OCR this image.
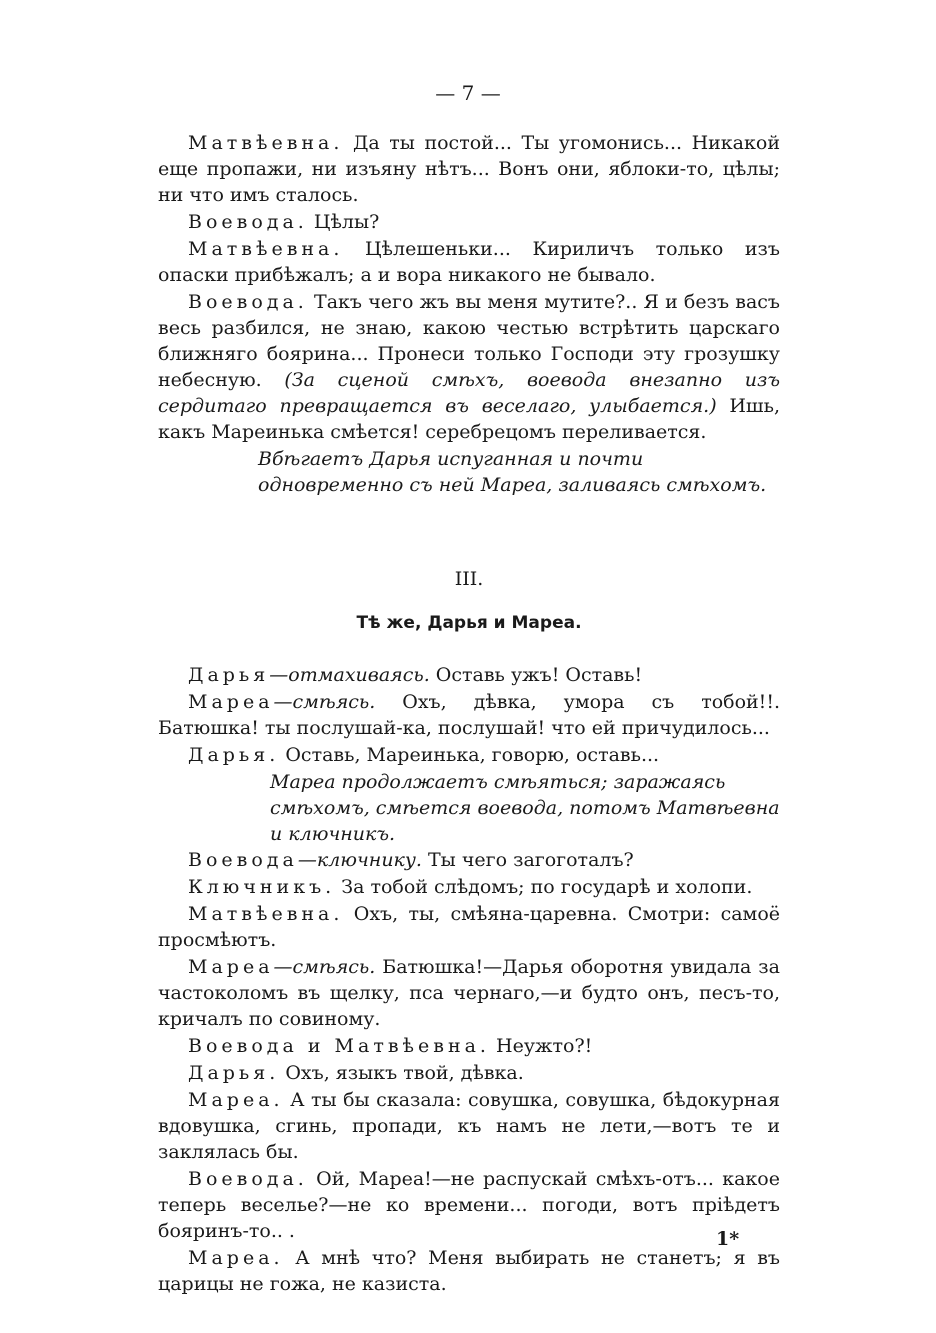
— 7 —

Матвѣевна. Да ты постой... Ты угомонись... Никакой еще пропажи, ни изъяну нѣтъ... Вонъ они, яблоки-то, цѣлы; ни что имъ сталось.

Воевода. Цѣлы?

Матвѣевна. Цѣлешеньки... Кириличъ только изъ опаски прибѣжалъ; а и вора никакого не бывало.

Воевода. Такъ чего жъ вы меня мутите?.. Я и безъ васъ весь разбился, не знаю, какою честью встрѣтить царскаго ближняго боярина... Пронеси только Господи эту грозушку небесную. (За сценой смѣхъ, воевода внезапно изъ сердитаго превращается въ веселаго, улыбается.) Ишь, какъ Мареинька смѣется! серебрецомъ переливается.

Вбѣгаетъ Дарья испуганная и почти одновременно съ ней Мареа, заливаясь смѣхомъ.

III.

Тѣ же, Дарья и Мареа.

Дарья—отмахиваясь. Оставь ужъ! Оставь!

Мареа—смѣясь. Охъ, дѣвка, умора съ тобой!!. Батюшка! ты послушай-ка, послушай! что ей причудилось...

Дарья. Оставь, Мареинька, говорю, оставь...

Мареа продолжаетъ смѣяться; заражаясь смѣхомъ, смѣется воевода, потомъ Матвѣевна и ключникъ.

Воевода—ключнику. Ты чего загоготалъ?

Ключникъ. За тобой слѣдомъ; по государѣ и холопи.

Матвѣевна. Охъ, ты, смѣяна-царевна. Смотри: самоё просмѣютъ.

Мареа—смѣясь. Батюшка!—Дарья оборотня увидала за частоколомъ въ щелку, пса чернаго,—и будто онъ, песъ-то, кричалъ по совиному.

Воевода и Матвѣевна. Неужто?!

Дарья. Охъ, языкъ твой, дѣвка.

Мареа. А ты бы сказала: совушка, совушка, бѣдокурная вдовушка, сгинь, пропади, къ намъ не лети,—вотъ те и заклялась бы.

Воевода. Ой, Мареа!—не распускай смѣхъ-отъ... какое теперь веселье?—не ко времени... погоди, вотъ прiѣдетъ бояринъ-то.. .

Мареа. А мнѣ что? Меня выбирать не станетъ; я въ царицы не гожа, не казиста.

1*
